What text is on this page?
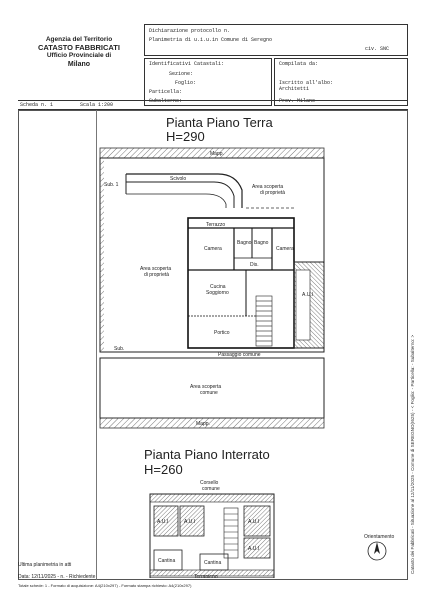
Agenzia del Territorio
CATASTO FABBRICATI
Ufficio Provinciale di
Milano
Dichiarazione protocollo n.
Planimetria di u.i.u.in Comune di Seregno
civ. SNC
Identificativi Catastali:
Sezione:
Foglio:
Particella:
Subalterno:
Compilata da:
Iscritto all'albo:
Architetti
Prov. Milano
Scheda n. 1	Scala 1:200
Pianta Piano Terra
H=290
Mapp.
Scivolo
Sub. 1	Area scoperta
di proprietà
Terrazzo
Bagno Bagno
Camera	Camera
Dis.
Area scoperta
di proprietà
Cucina
Soggiorno	A.U.I
Portico
Sub.
Passaggio comune
Area scoperta
comune
Mapp.
Pianta Piano Interrato
H=260
Corsello
comune
A.U.I	A.U.I	A.U.I
A.U.I
Cantina	Cantina
Terrapieno
Orientamento	Catasto dei Fabbricati - Situazione al 12/11/2025 - Comune di SEREGNO(I625) - < Foglio: - Particella: - Subalterno: >
Ultima planimetria in atti
Data: 12/11/2025 - n. - Richiedente
Totale schede: 1 - Formato di acquisizione: A4(210x297) - Formato stampa richiesto: A4(210x297)
